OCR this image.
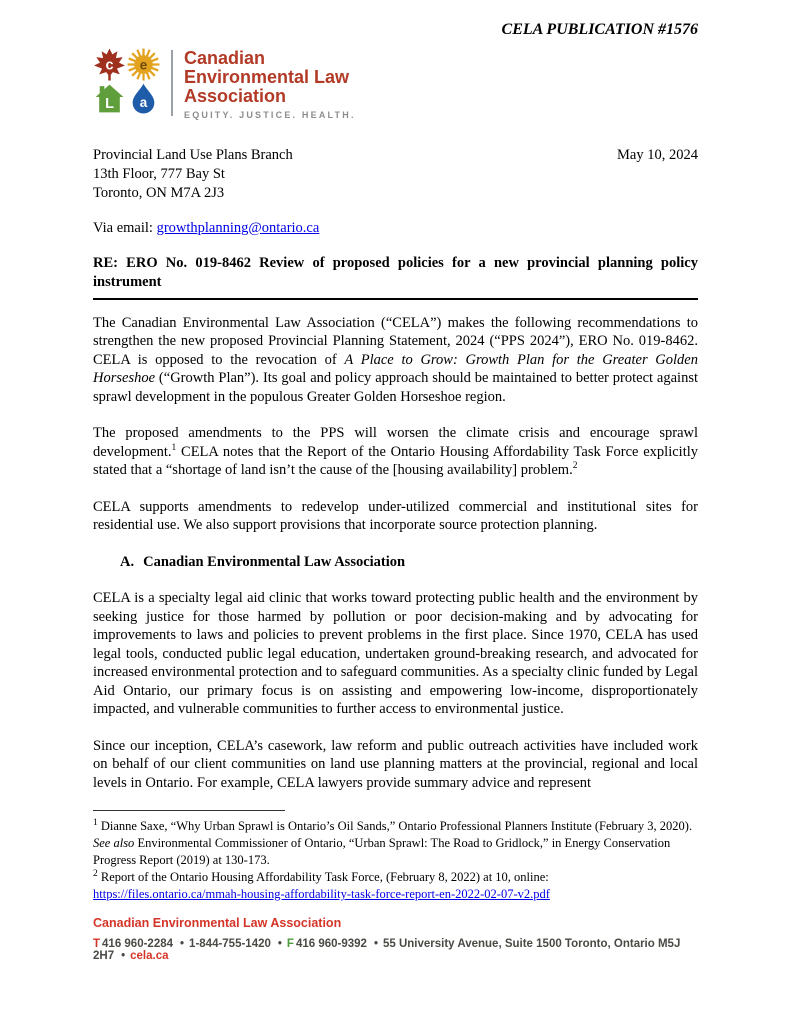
CELA PUBLICATION #1576
c e
L a
Canadian
Environmental Law
Association
EQUITY. JUSTICE. HEALTH.
Provincial Land Use Plans Branch
13th Floor, 777 Bay St
Toronto, ON M7A 2J3
May 10, 2024
Via email: growthplanning@ontario.ca
RE: ERO No. 019-8462 Review of proposed policies for a new provincial planning policy instrument

The Canadian Environmental Law Association (“CELA”) makes the following recommendations to strengthen the new proposed Provincial Planning Statement, 2024 (“PPS 2024”), ERO No. 019-8462. CELA is opposed to the revocation of A Place to Grow: Growth Plan for the Greater Golden Horseshoe (“Growth Plan”). Its goal and policy approach should be maintained to better protect against sprawl development in the populous Greater Golden Horseshoe region.

The proposed amendments to the PPS will worsen the climate crisis and encourage sprawl development.$^1$ CELA notes that the Report of the Ontario Housing Affordability Task Force explicitly stated that a “shortage of land isn’t the cause of the [housing availability] problem.$^2$

CELA supports amendments to redevelop under-utilized commercial and institutional sites for residential use. We also support provisions that incorporate source protection planning.

A. Canadian Environmental Law Association

CELA is a specialty legal aid clinic that works toward protecting public health and the environment by seeking justice for those harmed by pollution or poor decision-making and by advocating for improvements to laws and policies to prevent problems in the first place. Since 1970, CELA has used legal tools, conducted public legal education, undertaken ground-breaking research, and advocated for increased environmental protection and to safeguard communities. As a specialty clinic funded by Legal Aid Ontario, our primary focus is on assisting and empowering low-income, disproportionately impacted, and vulnerable communities to further access to environmental justice.

Since our inception, CELA’s casework, law reform and public outreach activities have included work on behalf of our client communities on land use planning matters at the provincial, regional and local levels in Ontario. For example, CELA lawyers provide summary advice and represent

$^1$ Dianne Saxe, “Why Urban Sprawl is Ontario’s Oil Sands,” Ontario Professional Planners Institute (February 3, 2020). See also Environmental Commissioner of Ontario, “Urban Sprawl: The Road to Gridlock,” in Energy Conservation Progress Report (2019) at 130-173.
$^2$ Report of the Ontario Housing Affordability Task Force, (February 8, 2022) at 10, online:
https://files.ontario.ca/mmah-housing-affordability-task-force-report-en-2022-02-07-v2.pdf
Canadian Environmental Law Association
T 416 960-2284 • 1-844-755-1420 • F 416 960-9392 • 55 University Avenue, Suite 1500 Toronto, Ontario M5J 2H7 • cela.ca
